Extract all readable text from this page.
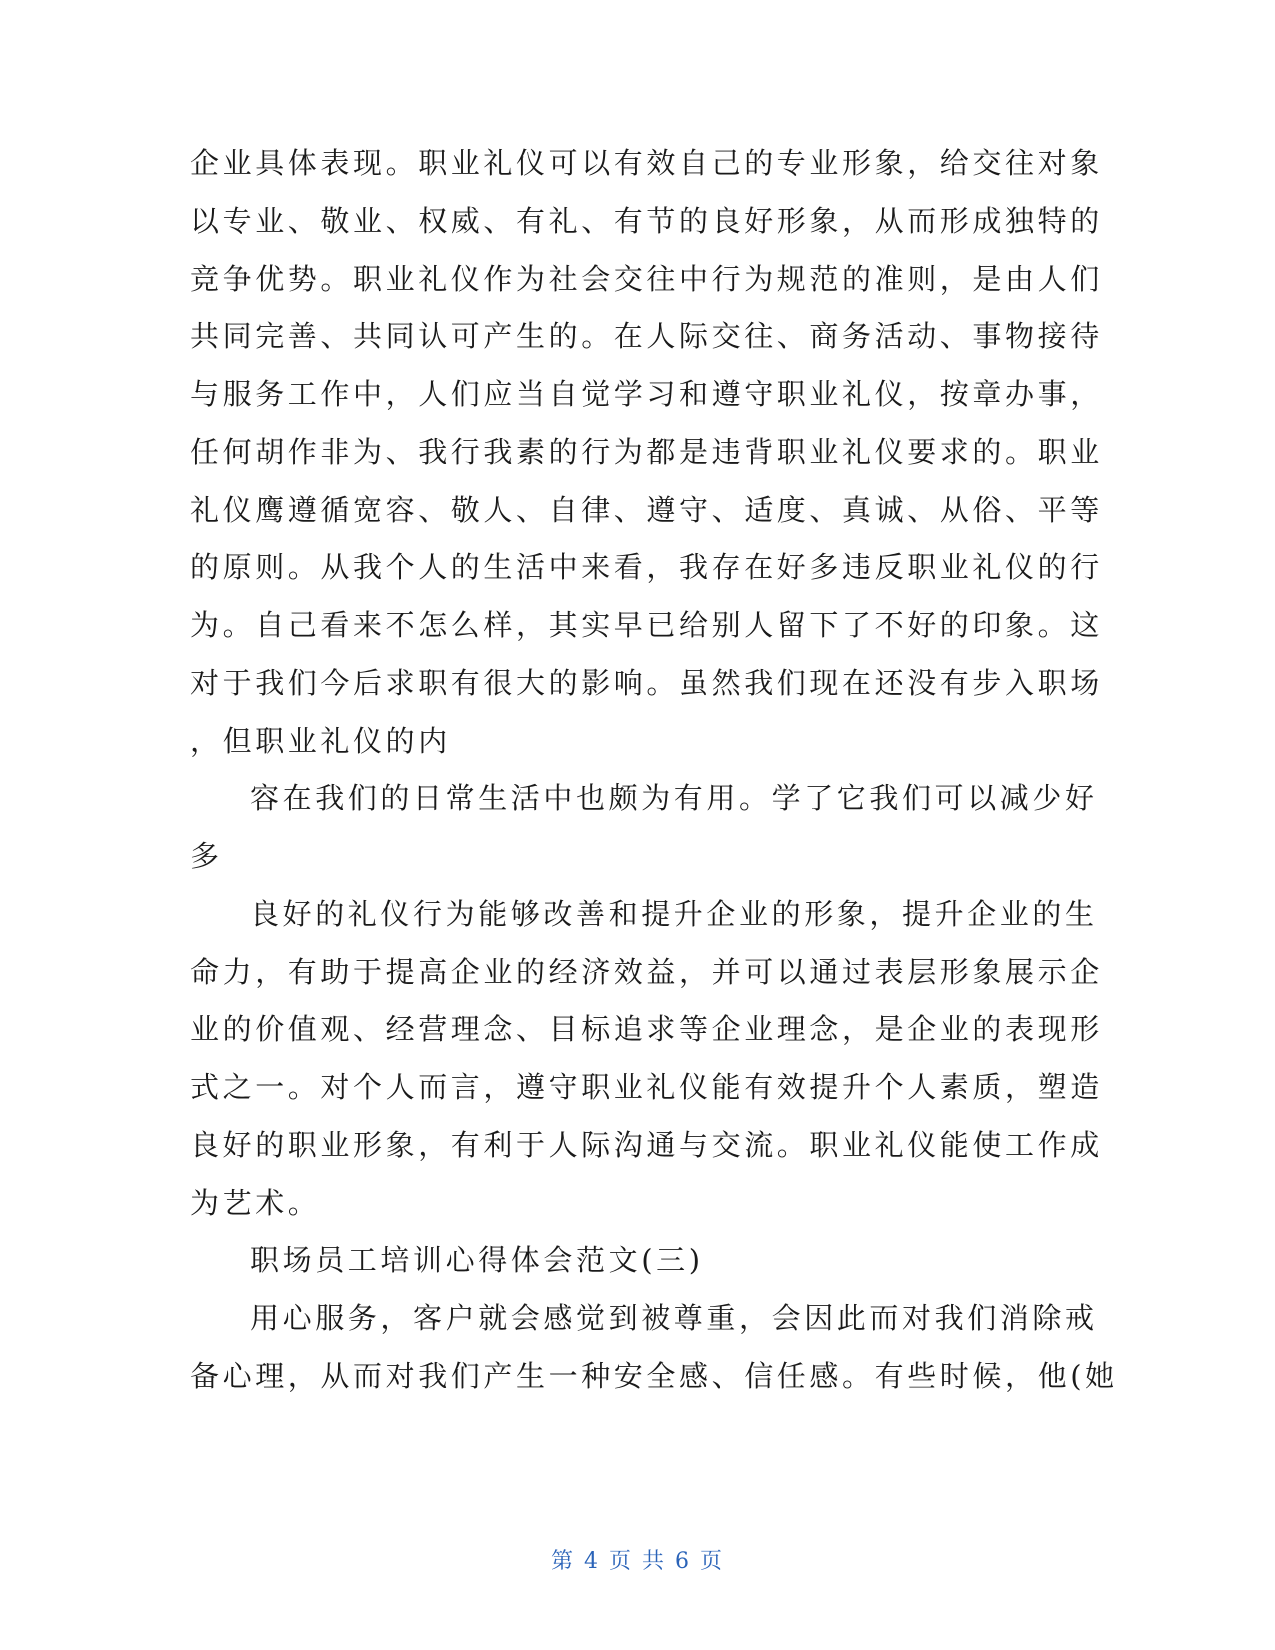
企业具体表现。职业礼仪可以有效自己的专业形象，给交往对象
以专业、敬业、权威、有礼、有节的良好形象，从而形成独特的
竞争优势。职业礼仪作为社会交往中行为规范的准则，是由人们
共同完善、共同认可产生的。在人际交往、商务活动、事物接待
与服务工作中，人们应当自觉学习和遵守职业礼仪，按章办事，
任何胡作非为、我行我素的行为都是违背职业礼仪要求的。职业
礼仪鹰遵循宽容、敬人、自律、遵守、适度、真诚、从俗、平等
的原则。从我个人的生活中来看，我存在好多违反职业礼仪的行
为。自己看来不怎么样，其实早已给别人留下了不好的印象。这
对于我们今后求职有很大的影响。虽然我们现在还没有步入职场
，但职业礼仪的内
容在我们的日常生活中也颇为有用。学了它我们可以减少好
多
良好的礼仪行为能够改善和提升企业的形象，提升企业的生
命力，有助于提高企业的经济效益，并可以通过表层形象展示企
业的价值观、经营理念、目标追求等企业理念，是企业的表现形
式之一。对个人而言，遵守职业礼仪能有效提升个人素质，塑造
良好的职业形象，有利于人际沟通与交流。职业礼仪能使工作成
为艺术。
职场员工培训心得体会范文(三)
用心服务，客户就会感觉到被尊重，会因此而对我们消除戒
备心理，从而对我们产生一种安全感、信任感。有些时候，他(她
第 4 页 共 6 页
